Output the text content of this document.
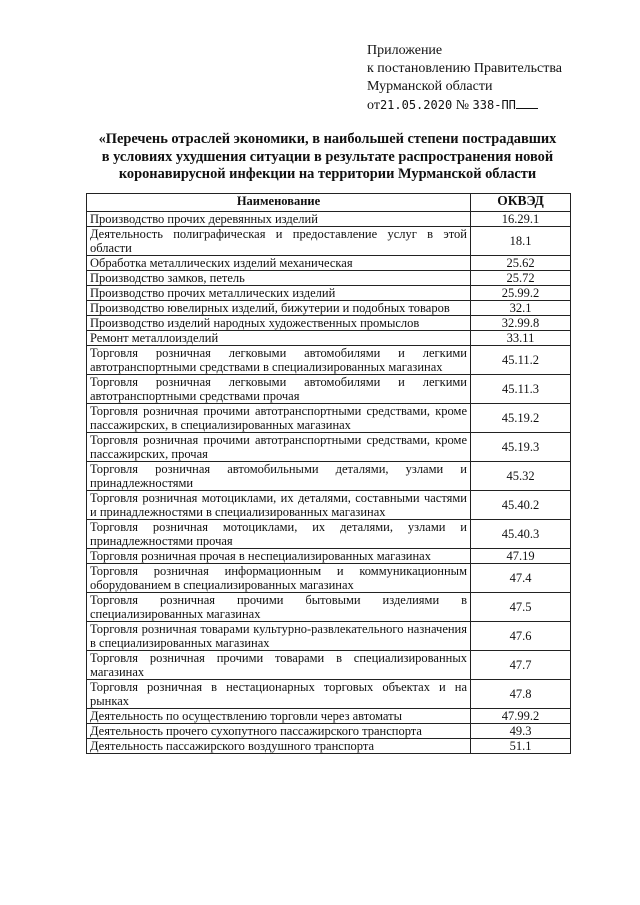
Приложение
к постановлению Правительства
Мурманской области
от21.05.2020 № 338-ПП
«Перечень отраслей экономики, в наибольшей степени пострадавших
в условиях ухудшения ситуации в результате распространения новой
коронавирусной инфекции на территории Мурманской области
Наименование	ОКВЭД
Производство прочих деревянных изделий	16.29.1
Деятельность полиграфическая и предоставление услуг в этой области	18.1
Обработка металлических изделий механическая	25.62
Производство замков, петель	25.72
Производство прочих металлических изделий	25.99.2
Производство ювелирных изделий, бижутерии и подобных товаров	32.1
Производство изделий народных художественных промыслов	32.99.8
Ремонт металлоизделий	33.11
Торговля розничная легковыми автомобилями и легкими автотранспортными средствами в специализированных магазинах	45.11.2
Торговля розничная легковыми автомобилями и легкими автотранспортными средствами прочая	45.11.3
Торговля розничная прочими автотранспортными средствами, кроме пассажирских, в специализированных магазинах	45.19.2
Торговля розничная прочими автотранспортными средствами, кроме пассажирских, прочая	45.19.3
Торговля розничная автомобильными деталями, узлами и принадлежностями	45.32
Торговля розничная мотоциклами, их деталями, составными частями и принадлежностями в специализированных магазинах	45.40.2
Торговля розничная мотоциклами, их деталями, узлами и принадлежностями прочая	45.40.3
Торговля розничная прочая в неспециализированных магазинах	47.19
Торговля розничная информационным и коммуникационным оборудованием в специализированных магазинах	47.4
Торговля розничная прочими бытовыми изделиями в специализированных магазинах	47.5
Торговля розничная товарами культурно-развлекательного назначения в специализированных магазинах	47.6
Торговля розничная прочими товарами в специализированных магазинах	47.7
Торговля розничная в нестационарных торговых объектах и на рынках	47.8
Деятельность по осуществлению торговли через автоматы	47.99.2
Деятельность прочего сухопутного пассажирского транспорта	49.3
Деятельность пассажирского воздушного транспорта	51.1
